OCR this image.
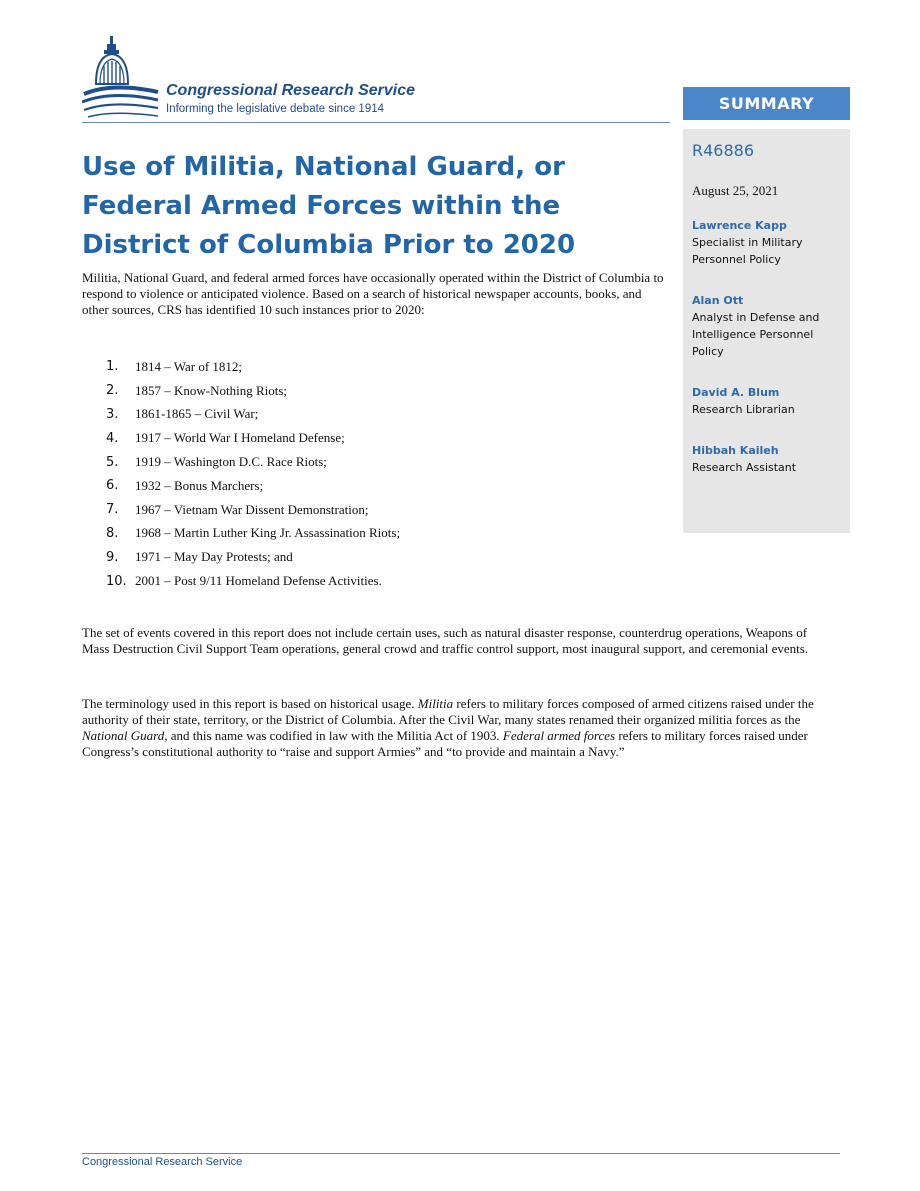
Congressional Research Service
Informing the legislative debate since 1914	SUMMARY
R46886
August 25, 2021
Lawrence Kapp
Specialist in Military Personnel Policy
Alan Ott
Analyst in Defense and Intelligence Personnel Policy
David A. Blum
Research Librarian
Hibbah Kaileh
Research Assistant
Use of Militia, National Guard, or Federal Armed Forces within the District of Columbia Prior to 2020
Militia, National Guard, and federal armed forces have occasionally operated within the District of Columbia to respond to violence or anticipated violence. Based on a search of historical newspaper accounts, books, and other sources, CRS has identified 10 such instances prior to 2020:
1.	1814 – War of 1812;
2.	1857 – Know-Nothing Riots;
3.	1861-1865 – Civil War;
4.	1917 – World War I Homeland Defense;
5.	1919 – Washington D.C. Race Riots;
6.	1932 – Bonus Marchers;
7.	1967 – Vietnam War Dissent Demonstration;
8.	1968 – Martin Luther King Jr. Assassination Riots;
9.	1971 – May Day Protests; and
10. 2001 – Post 9/11 Homeland Defense Activities.
The set of events covered in this report does not include certain uses, such as natural disaster response, counterdrug operations, Weapons of Mass Destruction Civil Support Team operations, general crowd and traffic control support, most inaugural support, and ceremonial events.
The terminology used in this report is based on historical usage. Militia refers to military forces composed of armed citizens raised under the authority of their state, territory, or the District of Columbia. After the Civil War, many states renamed their organized militia forces as the National Guard, and this name was codified in law with the Militia Act of 1903. Federal armed forces refers to military forces raised under Congress’s constitutional authority to “raise and support Armies” and “to provide and maintain a Navy.”
Congressional Research Service
